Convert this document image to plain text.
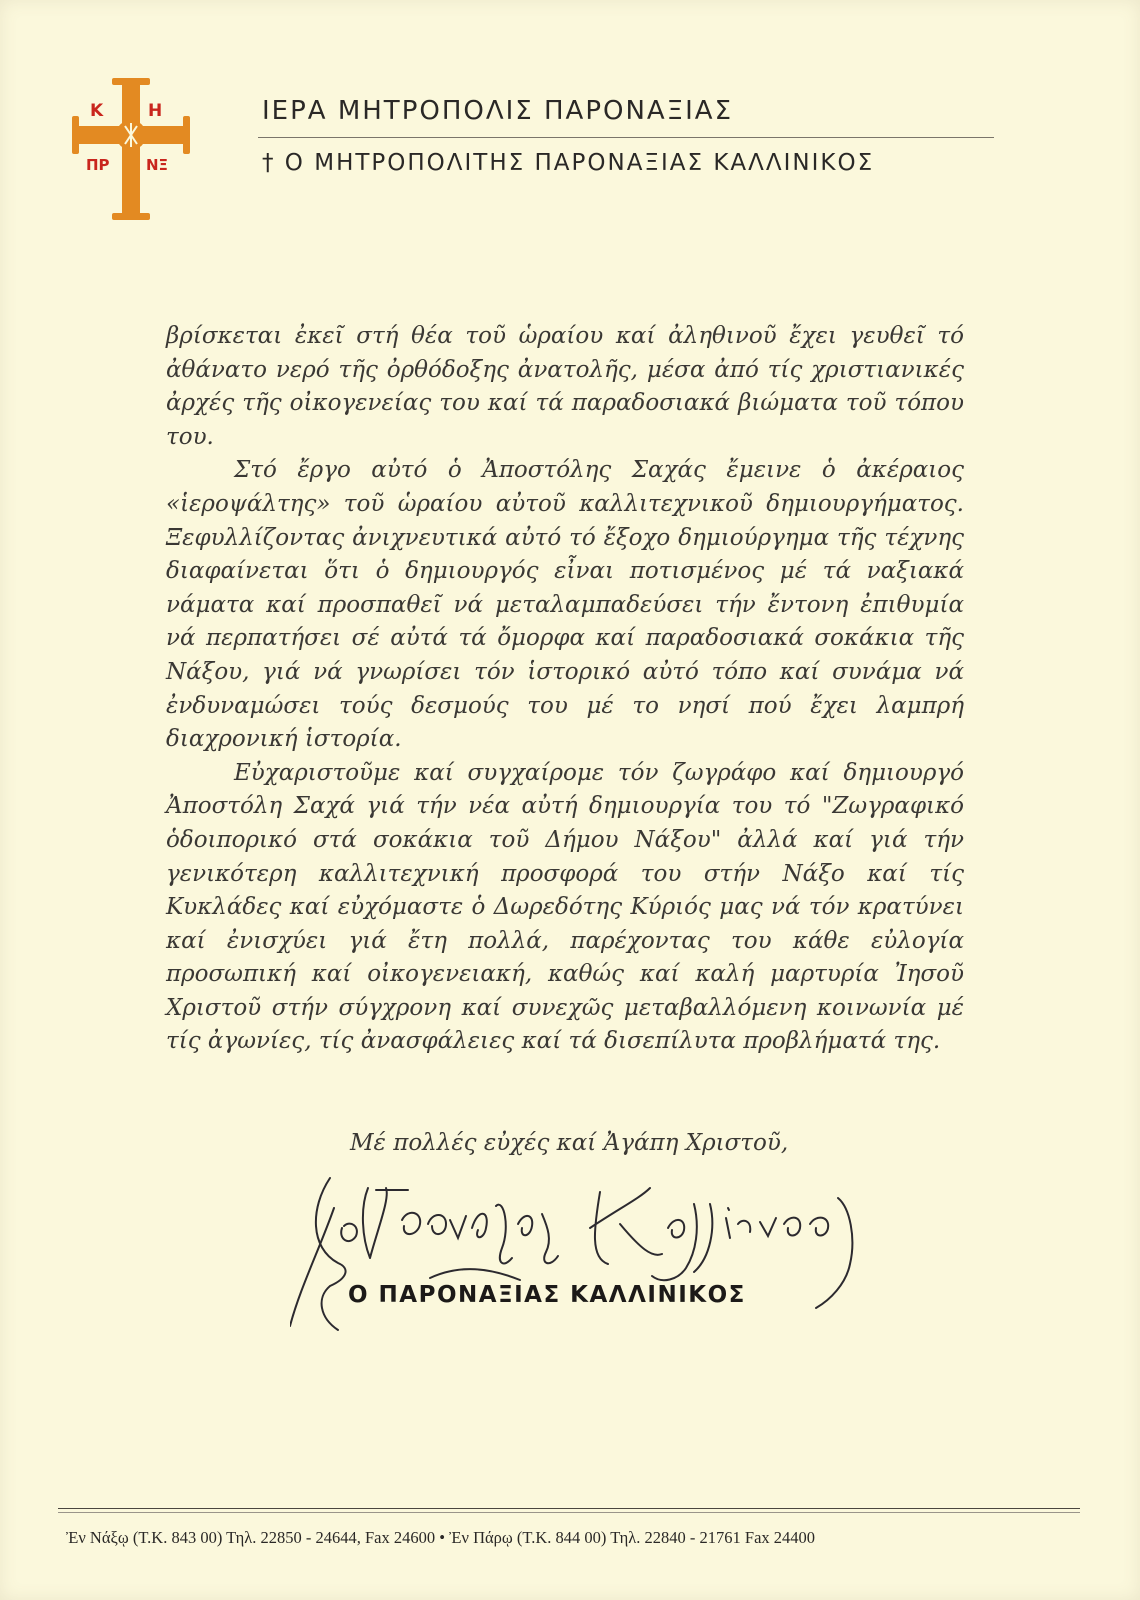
Κ	Η
ΠΡ ΝΞ
ΙΕΡΑ ΜΗΤΡΟΠΟΛΙΣ ΠΑΡΟΝΑΞΙΑΣ
† Ο ΜΗΤΡΟΠΟΛΙΤΗΣ ΠΑΡΟΝΑΞΙΑΣ ΚΑΛΛΙΝΙΚΟΣ

βρίσκεται ἐκεῖ στή θέα τοῦ ὡραίου καί ἀληθινοῦ ἔχει γευθεῖ τό ἀθάνατο νερό τῆς ὀρθόδοξης ἀνατολῆς, μέσα ἀπό τίς χριστιανικές ἀρχές τῆς οἰκογενείας του καί τά παραδοσιακά βιώματα τοῦ τόπου του.

Στό ἔργο αὐτό ὁ Ἀποστόλης Σαχάς ἔμεινε ὁ ἀκέραιος «ἱεροψάλτης» τοῦ ὡραίου αὐτοῦ καλλιτεχνικοῦ δημιουργήματος. Ξεφυλλίζοντας ἀνιχνευτικά αὐτό τό ἔξοχο δημιούργημα τῆς τέχνης διαφαίνεται ὅτι ὁ δημιουργός εἶναι ποτισμένος μέ τά ναξιακά νάματα καί προσπαθεῖ νά μεταλαμπαδεύσει τήν ἔντονη ἐπιθυμία νά περπατήσει σέ αὐτά τά ὄμορφα καί παραδοσιακά σοκάκια τῆς Νάξου, γιά νά γνωρίσει τόν ἱστορικό αὐτό τόπο καί συνάμα νά ἐνδυναμώσει τούς δεσμούς του μέ το νησί πού ἔχει λαμπρή διαχρονική ἱστορία.

Εὐχαριστοῦμε καί συγχαίρομε τόν ζωγράφο καί δημιουργό Ἀποστόλη Σαχά γιά τήν νέα αὐτή δημιουργία του τό "Ζωγραφικό ὁδοιπορικό στά σοκάκια τοῦ Δήμου Νάξου" ἀλλά καί γιά τήν γενικότερη καλλιτεχνική προσφορά του στήν Νάξο καί τίς Κυκλάδες καί εὐχόμαστε ὁ Δωρεδότης Κύριός μας νά τόν κρατύνει καί ἐνισχύει γιά ἔτη πολλά, παρέχοντας του κάθε εὐλογία προσωπική καί οἰκογενειακή, καθώς καί καλή μαρτυρία Ἰησοῦ Χριστοῦ στήν σύγχρονη καί συνεχῶς μεταβαλλόμενη κοινωνία μέ τίς ἀγωνίες, τίς ἀνασφάλειες καί τά δισεπίλυτα προβλήματά της.

Μέ πολλές εὐχές καί Ἀγάπη Χριστοῦ,
Ο ΠΑΡΟΝΑΞΙΑΣ ΚΑΛΛΙΝΙΚΟΣ
Ἐν Νάξῳ (Τ.Κ. 843 00) Τηλ. 22850 - 24644, Fax 24600 • Ἐν Πάρῳ (Τ.Κ. 844 00) Τηλ. 22840 - 21761 Fax 24400
